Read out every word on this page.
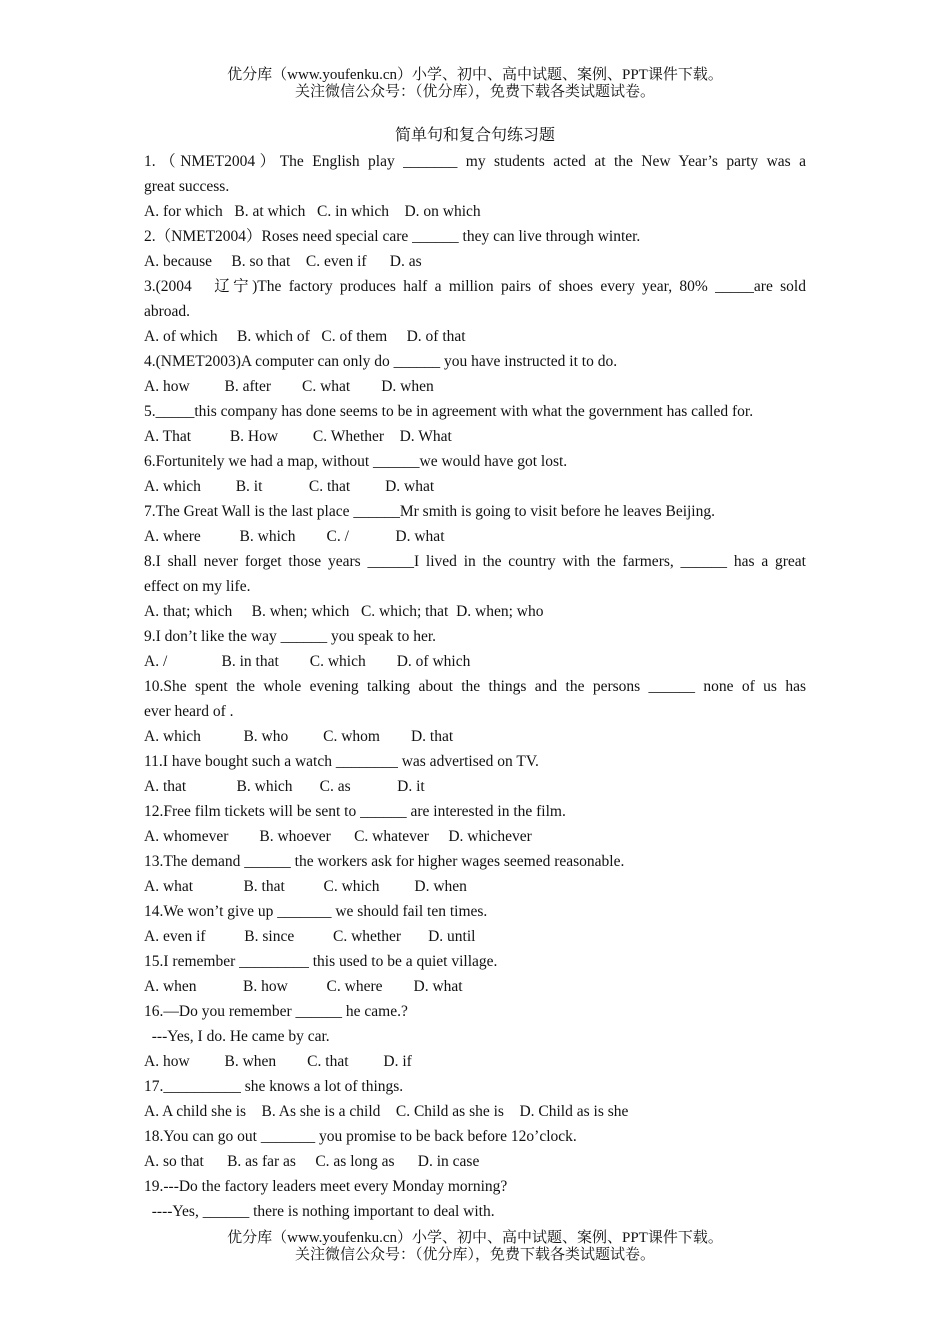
优分库（www.youfenku.cn）小学、初中、高中试题、案例、PPT课件下载。
关注微信公众号：（优分库），免费下载各类试题试卷。
简单句和复合句练习题
1.（NMET2004）The English play _______ my students acted at the New Year’s party was a
great success.
A. for which   B. at which   C. in which    D. on which
2.（NMET2004）Roses need special care ______ they can live through winter.
A. because     B. so that    C. even if      D. as
3.(2004　辽宁)The factory produces half a million pairs of shoes every year, 80% _____are sold
abroad.
A. of which     B. which of   C. of them     D. of that
4.(NMET2003)A computer can only do ______ you have instructed it to do.
A. how         B. after        C. what        D. when
5._____this company has done seems to be in agreement with what the government has called for.
A. That          B. How         C. Whether    D. What
6.Fortunitely we had a map, without ______we would have got lost.
A. which         B. it            C. that         D. what
7.The Great Wall is the last place ______Mr smith is going to visit before he leaves Beijing.
A. where          B. which        C. /            D. what
8.I shall never forget those years ______I lived in the country with the farmers, ______ has a great
effect on my life.
A. that; which     B. when; which   C. which; that  D. when; who
9.I don’t like the way ______ you speak to her.
A. /              B. in that        C. which        D. of which
10.She spent the whole evening talking about the things and the persons ______ none of us has
ever heard of .
A. which           B. who         C. whom        D. that
11.I have bought such a watch ________ was advertised on TV.
A. that             B. which       C. as            D. it
12.Free film tickets will be sent to ______ are interested in the film.
A. whomever        B. whoever      C. whatever     D. whichever
13.The demand ______ the workers ask for higher wages seemed reasonable.
A. what             B. that          C. which         D. when
14.We won’t give up _______ we should fail ten times.
A. even if          B. since          C. whether       D. until
15.I remember _________ this used to be a quiet village.
A. when            B. how          C. where        D. what
16.—Do you remember ______ he came.?
---Yes, I do. He came by car.
A. how         B. when        C. that         D. if
17.__________ she knows a lot of things.
A. A child she is    B. As she is a child    C. Child as she is    D. Child as is she
18.You can go out _______ you promise to be back before 12o’clock.
A. so that      B. as far as     C. as long as      D. in case
19.---Do the factory leaders meet every Monday morning?
----Yes, ______ there is nothing important to deal with.
优分库（www.youfenku.cn）小学、初中、高中试题、案例、PPT课件下载。
关注微信公众号：（优分库），免费下载各类试题试卷。
